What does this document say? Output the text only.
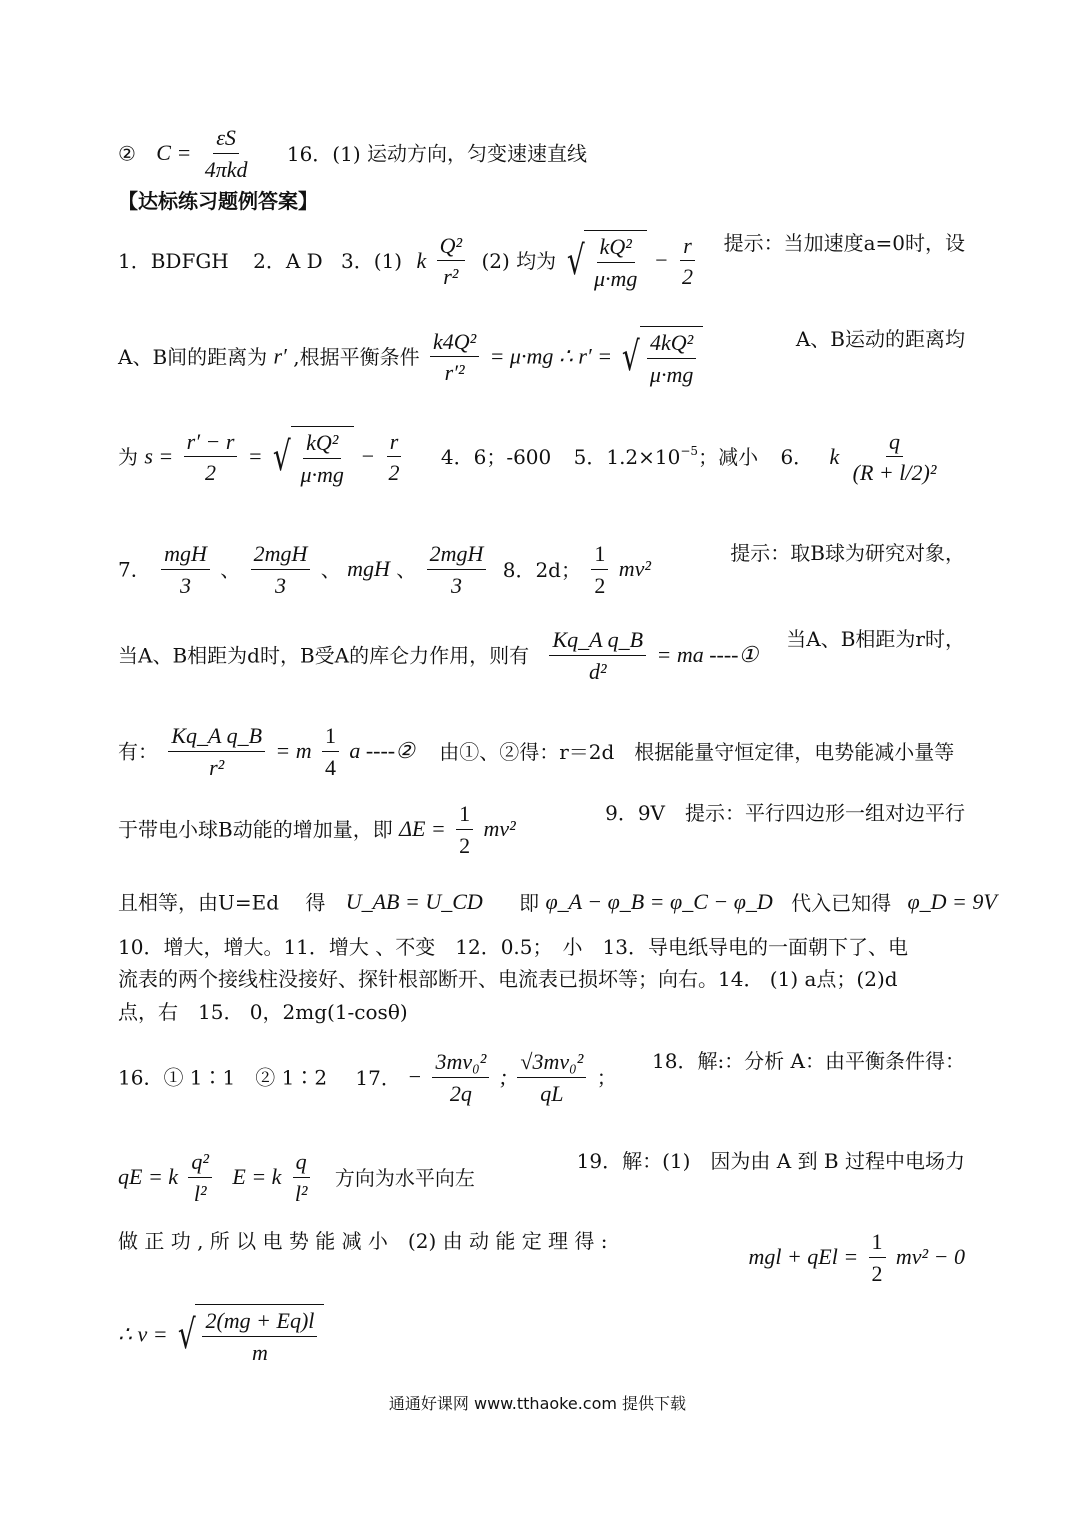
② $C = \frac{\varepsilon S}{\text{4πkd}} 16$．(1) 运动方向，匀变速速直线
【达标练习题例答案】
1．BDFGH 2．A D 3．(1) k $\frac{\text{Q²}}{\text{r²}} (2)$ 均为 √ $\frac{\text{kQ²}}{\mu\cdot mg} - \frac{r}{2}$ 提示：当加速度a=0时，设
A、B间的距离为 r′ ,根据平衡条件 $\frac{\text{k4Q²}}{\text{r′²}} = \mu\cdot mg$ ∴ r′ = √ $\frac{\text{4kQ²}}{\mu\cdot mg}$	A、B运动的距离均
为 $s = \frac{r' - r}{2}$ = √ $\frac{\text{kQ²}}{\mu\cdot mg} - \frac{r}{2} 4$．6；-600 5．$1.2\times 10^{-5}$；减小 6． k $\frac{q}{\text{(R + l/2)²}}$
7． $\frac{\text{mgH}}{3}$ 、 $\frac{\text{2mgH}}{3}$ 、 mgH 、 $\frac{\text{2mgH}}{3} 8$．2d； $\frac{1}{2} mv^2$
提示：取B球为研究对象，
当A、B相距为d时，B受A的库仑力作用，则有 $\frac{\text{Kq\_A q\_B}}{\text{d²}}$ = ma ----①
当A、B相距为r时，
有： $\frac{\text{Kq\_A q\_B}}{\text{r²}} = m \frac{1}{4}$ a ----② 由①、②得：r＝2d　根据能量守恒定律，电势能减小量等
于带电小球B动能的增加量，即 $\Delta E = \frac{1}{2} mv^2$
9．9V　提示：平行四边形一组对边平行
且相等，由U=Ed　 得 U_AB = U_CD 即 φ_A − φ_B = φ_C − φ_D 代入已知得 φ_D = 9V
10．增大，增大。11．增大 、不变　12．0.5；　小　13．导电纸导电的一面朝下了、电
流表的两个接线柱没接好、探针根部断开、电流表已损坏等；向右。14． (1) a点；(2)d
点，右　15． 0，2mg(1-cosθ)
16．① 1∶1　② 1∶2 17． − $\frac{\text{3mv₀²}}{2q}$ ; $\frac{\text{√3mv₀²}}{qL}$ ；
18．解:：分析 A：由平衡条件得：
qE = k $\frac{\text{q²}}{\text{l²}}$ E = k $\frac{q}{\text{l²}}$ 方向为水平向左
19．解：(1)　因为由 A 到 B 过程中电场力
做 正 功 , 所 以 电 势 能 减 小　(2) 由 动 能 定 理 得 :
mgl + qEl = $\frac{1}{2} mv^2 - 0$
∴ v = √ $\frac{2(mg + Eq)l}{m}$
通通好课网 www.tthaoke.com 提供下载
